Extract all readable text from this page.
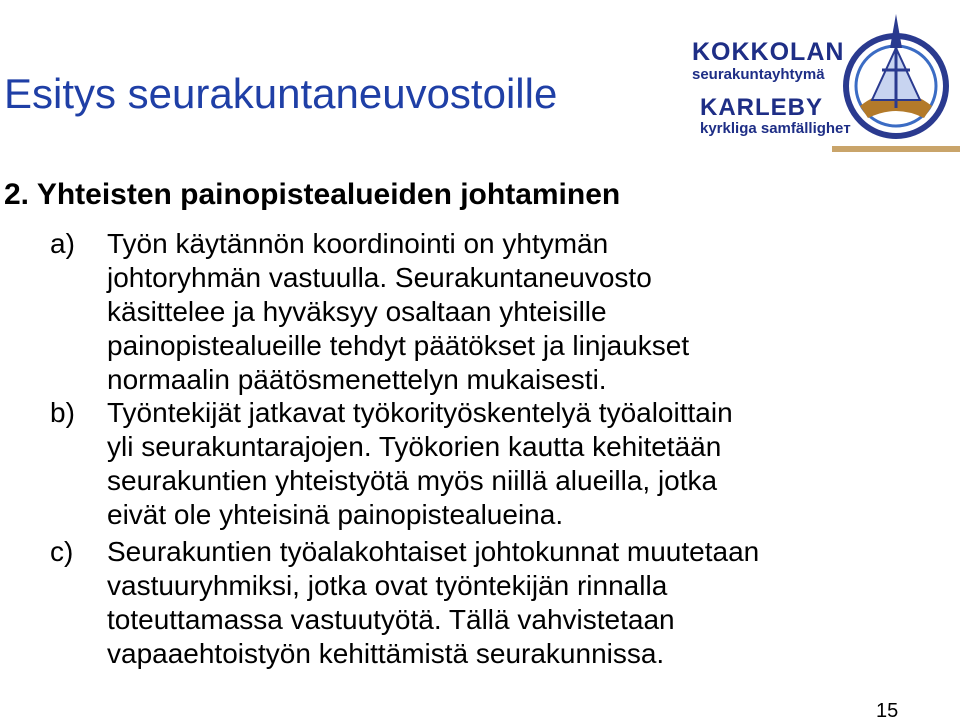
Esitys seurakuntaneuvostoille
KOKKOLAN
seurakuntayhtymä
KARLEBY
kyrkliga samfälligheт
2. Yhteisten painopistealueiden johtaminen
a) Työn käytännön koordinointi on yhtymän
johtoryhmän vastuulla. Seurakuntaneuvosto
käsittelee ja hyväksyy osaltaan yhteisille
painopistealueille tehdyt päätökset ja linjaukset
normaalin päätösmenettelyn mukaisesti.
b) Työntekijät jatkavat työkorityöskentelyä työaloittain
yli seurakuntarajojen. Työkorien kautta kehitetään
seurakuntien yhteistyötä myös niillä alueilla, jotka
eivät ole yhteisinä painopistealueina.
c) Seurakuntien työalakohtaiset johtokunnat muutetaan
vastuuryhmiksi, jotka ovat työntekijän rinnalla
toteuttamassa vastuutyötä. Tällä vahvistetaan
vapaaehtoistyön kehittämistä seurakunnissa.
15
